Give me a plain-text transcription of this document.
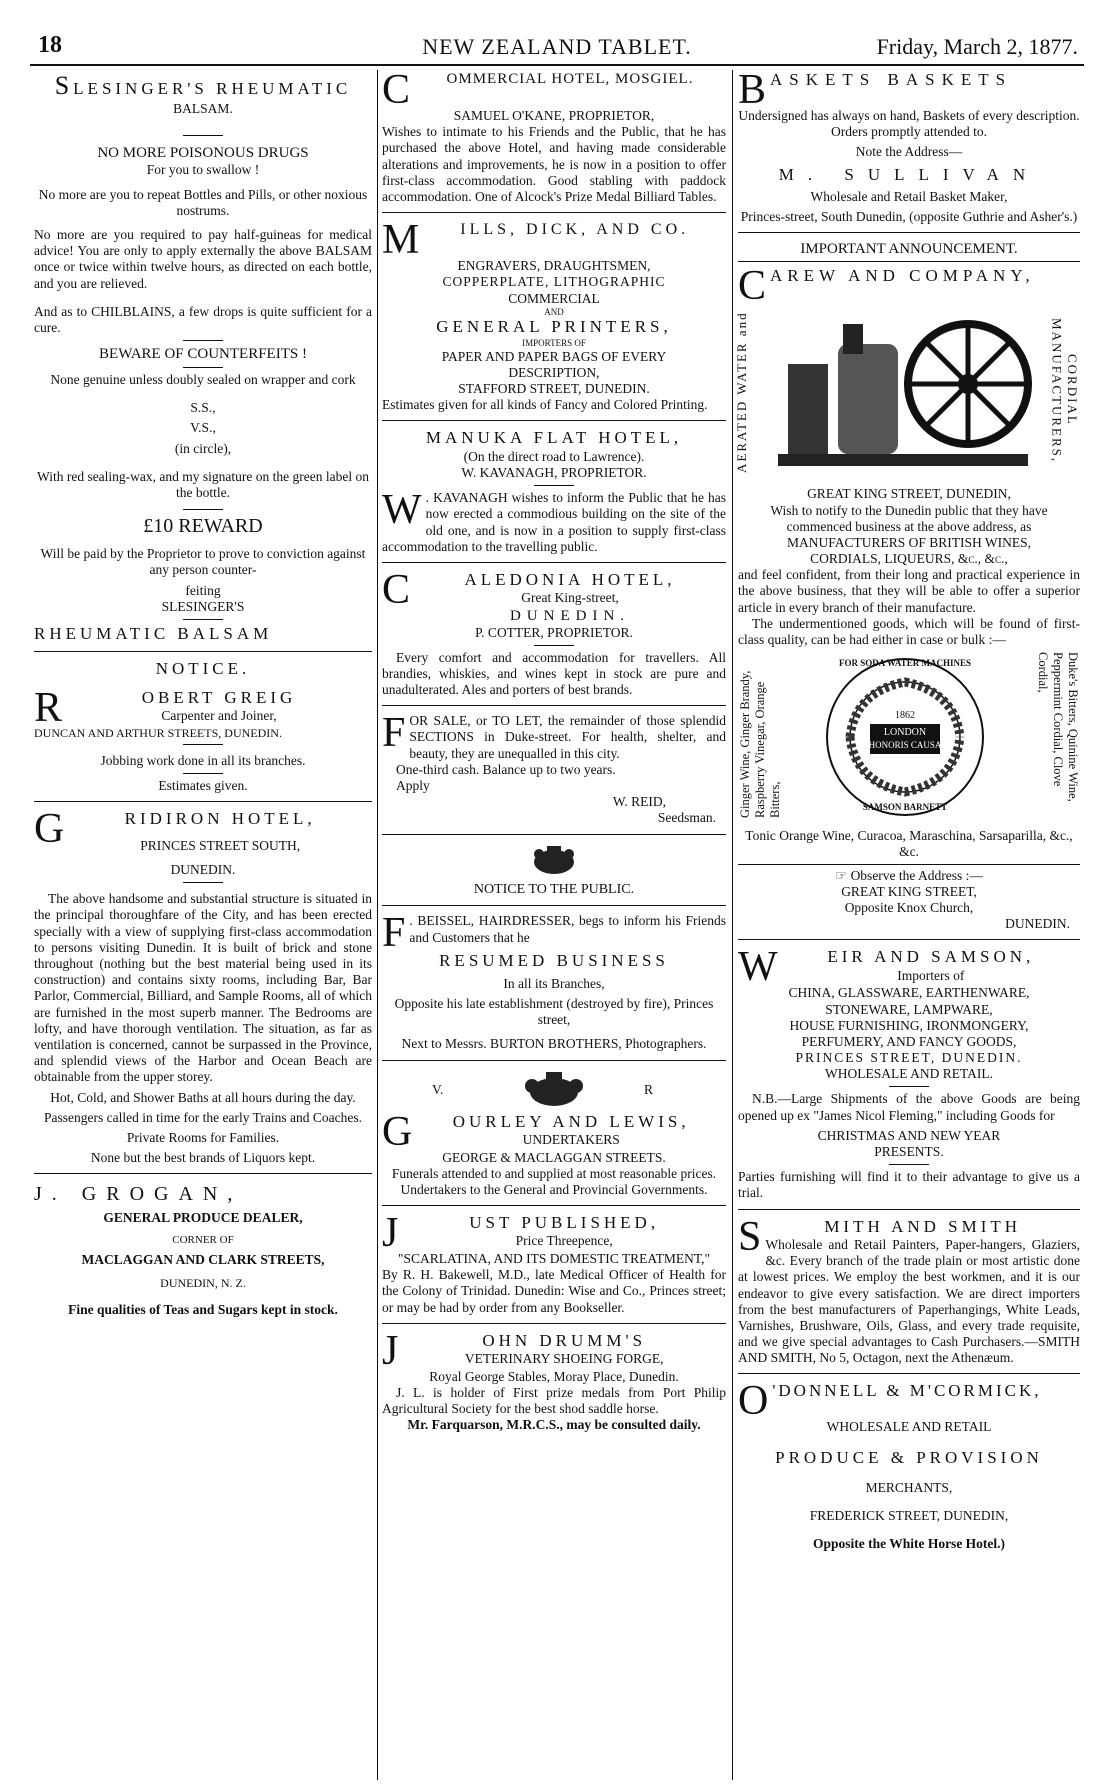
18	NEW ZEALAND TABLET.	Friday, March 2, 1877.
SLESINGER'S RHEUMATIC
BALSAM.
NO MORE POISONOUS DRUGS
For you to swallow !

No more are you to repeat Bottles and Pills, or other noxious nostrums.

No more are you required to pay half-guineas for medical advice! You are only to apply externally the above BALSAM once or twice within twelve hours, as directed on each bottle, and you are relieved.

And as to CHILBLAINS, a few drops is quite sufficient for a cure.

BEWARE OF COUNTERFEITS !

None genuine unless doubly sealed on wrapper and cork

S.S.,
V.S.,
(in circle),

With red sealing-wax, and my signature on the green label on the bottle.

£10 REWARD

Will be paid by the Proprietor to prove to conviction against any person counter-

feiting
SLESINGER'S
RHEUMATIC BALSAM
NOTICE.
R	OBERT GREIG
Carpenter and Joiner,
DUNCAN AND ARTHUR STREETS, DUNEDIN.
Jobbing work done in all its branches.
Estimates given.
G	RIDIRON HOTEL,
PRINCES STREET SOUTH,
DUNEDIN.

The above handsome and substantial structure is situated in the principal thoroughfare of the City, and has been erected specially with a view of supplying first-class accommodation to persons visiting Dunedin. It is built of brick and stone throughout (nothing but the best material being used in its construction) and contains sixty rooms, including Bar, Bar Parlor, Commercial, Billiard, and Sample Rooms, all of which are furnished in the most superb manner. The Bedrooms are lofty, and have thorough ventilation. The situation, as far as ventilation is concerned, cannot be surpassed in the Province, and splendid views of the Harbor and Ocean Beach are obtainable from the upper storey.

Hot, Cold, and Shower Baths at all hours during the day.

Passengers called in time for the early Trains and Coaches.

Private Rooms for Families.

None but the best brands of Liquors kept.

J. GROGAN,
GENERAL PRODUCE DEALER,
CORNER OF
MACLAGGAN AND CLARK STREETS,
DUNEDIN, N. Z.
Fine qualities of Teas and Sugars kept in stock.
C	OMMERCIAL HOTEL, MOSGIEL.
SAMUEL O'KANE, PROPRIETOR,

Wishes to intimate to his Friends and the Public, that he has purchased the above Hotel, and having made considerable alterations and improvements, he is now in a position to offer first-class accommodation. Good stabling with paddock accommodation. One of Alcock's Prize Medal Billiard Tables.

M	ILLS, DICK, AND CO.
ENGRAVERS, DRAUGHTSMEN,
COPPERPLATE, LITHOGRAPHIC
COMMERCIAL
AND
GENERAL PRINTERS,
IMPORTERS OF
PAPER AND PAPER BAGS OF EVERY
DESCRIPTION,
STAFFORD STREET, DUNEDIN.

Estimates given for all kinds of Fancy and Colored Printing.

MANUKA FLAT HOTEL,
(On the direct road to Lawrence).
W. KAVANAGH, PROPRIETOR.

W . KAVANAGH wishes to inform the Public that he has now erected a commodious building on the site of the old one, and is now in a position to supply first-class accommodation to the travelling public.

C	ALEDONIA HOTEL,
Great King-street,
DUNEDIN.
P. COTTER, PROPRIETOR.

Every comfort and accommodation for travellers. All brandies, whiskies, and wines kept in stock are pure and unadulterated. Ales and porters of best brands.

FOR SALE, or TO LET, the remainder of those splendid SECTIONS in Duke-street. For health, shelter, and beauty, they are unequalled in this city.

One-third cash. Balance up to two years.

Apply

W. REID,
Seedsman.
NOTICE TO THE PUBLIC.

F . BEISSEL, HAIRDRESSER, begs to inform his Friends and Customers that he

RESUMED BUSINESS
In all its Branches,
Opposite his late establishment (destroyed by fire), Princes street,
Next to Messrs. BURTON BROTHERS, Photographers.
V.	R
G	OURLEY AND LEWIS,
UNDERTAKERS
GEORGE & MACLAGGAN STREETS.

Funerals attended to and supplied at most reasonable prices.

Undertakers to the General and Provincial Governments.

J	UST PUBLISHED,
Price Threepence,
"SCARLATINA, AND ITS DOMESTIC TREATMENT,"

By R. H. Bakewell, M.D., late Medical Officer of Health for the Colony of Trinidad. Dunedin: Wise and Co., Princes street; or may be had by order from any Bookseller.

J	OHN DRUMM'S
VETERINARY SHOEING FORGE,
Royal George Stables, Moray Place, Dunedin.

J. L. is holder of First prize medals from Port Philip Agricultural Society for the best shod saddle horse.

Mr. Farquarson, M.R.C.S., may be consulted daily.

B ASKETS BASKETS

Undersigned has always on hand, Baskets of every description.

Orders promptly attended to.
Note the Address—
M. SULLIVAN
Wholesale and Retail Basket Maker,

Princes-street, South Dunedin, (opposite Guthrie and Asher's.)

IMPORTANT ANNOUNCEMENT.
C AREW AND COMPANY,
AERATED WATER and	CORDIAL MANUFACTURERS,
GREAT KING STREET, DUNEDIN,

Wish to notify to the Dunedin public that they have commenced business at the above address, as

MANUFACTURERS OF BRITISH WINES,
CORDIALS, LIQUEURS, &c., &c.,

and feel confident, from their long and practical experience in the above business, that they will be able to offer a superior article in every branch of their manufacture.

The undermentioned goods, which will be found of first-class quality, can be had either in case or bulk :—

Ginger Wine, Ginger Brandy, Raspberry Vinegar, Orange Bitters,
FOR SODA WATER MACHINES
1862
LONDON
HONORIS CAUSA
SAMSON BARNETT
Duke's Bitters, Quinine Wine, Peppermint Cordial, Clove Cordial,

Tonic Orange Wine, Curacoa, Maraschina, Sarsaparilla, &c., &c.

☞ Observe the Address :—
GREAT KING STREET,
Opposite Knox Church,
DUNEDIN.
W	EIR AND SAMSON,
Importers of
CHINA, GLASSWARE, EARTHENWARE,
STONEWARE, LAMPWARE,
HOUSE FURNISHING, IRONMONGERY,
PERFUMERY, AND FANCY GOODS,
PRINCES STREET, DUNEDIN.
WHOLESALE AND RETAIL.

N.B.—Large Shipments of the above Goods are being opened up ex "James Nicol Fleming," including Goods for

CHRISTMAS AND NEW YEAR
PRESENTS.

Parties furnishing will find it to their advantage to give us a trial.

S	MITH AND SMITH

Wholesale and Retail Painters, Paper-hangers, Glaziers, &c. Every branch of the trade plain or most artistic done at lowest prices. We employ the best workmen, and it is our endeavor to give every satisfaction. We are direct importers from the best manufacturers of Paperhangings, White Leads, Varnishes, Brushware, Oils, Glass, and every trade requisite, and we give special advantages to Cash Purchasers.—SMITH AND SMITH, No 5, Octagon, next the Athenæum.

O 'DONNELL & M'CORMICK,
WHOLESALE AND RETAIL
PRODUCE & PROVISION
MERCHANTS,
FREDERICK STREET, DUNEDIN,
Opposite the White Horse Hotel.)
